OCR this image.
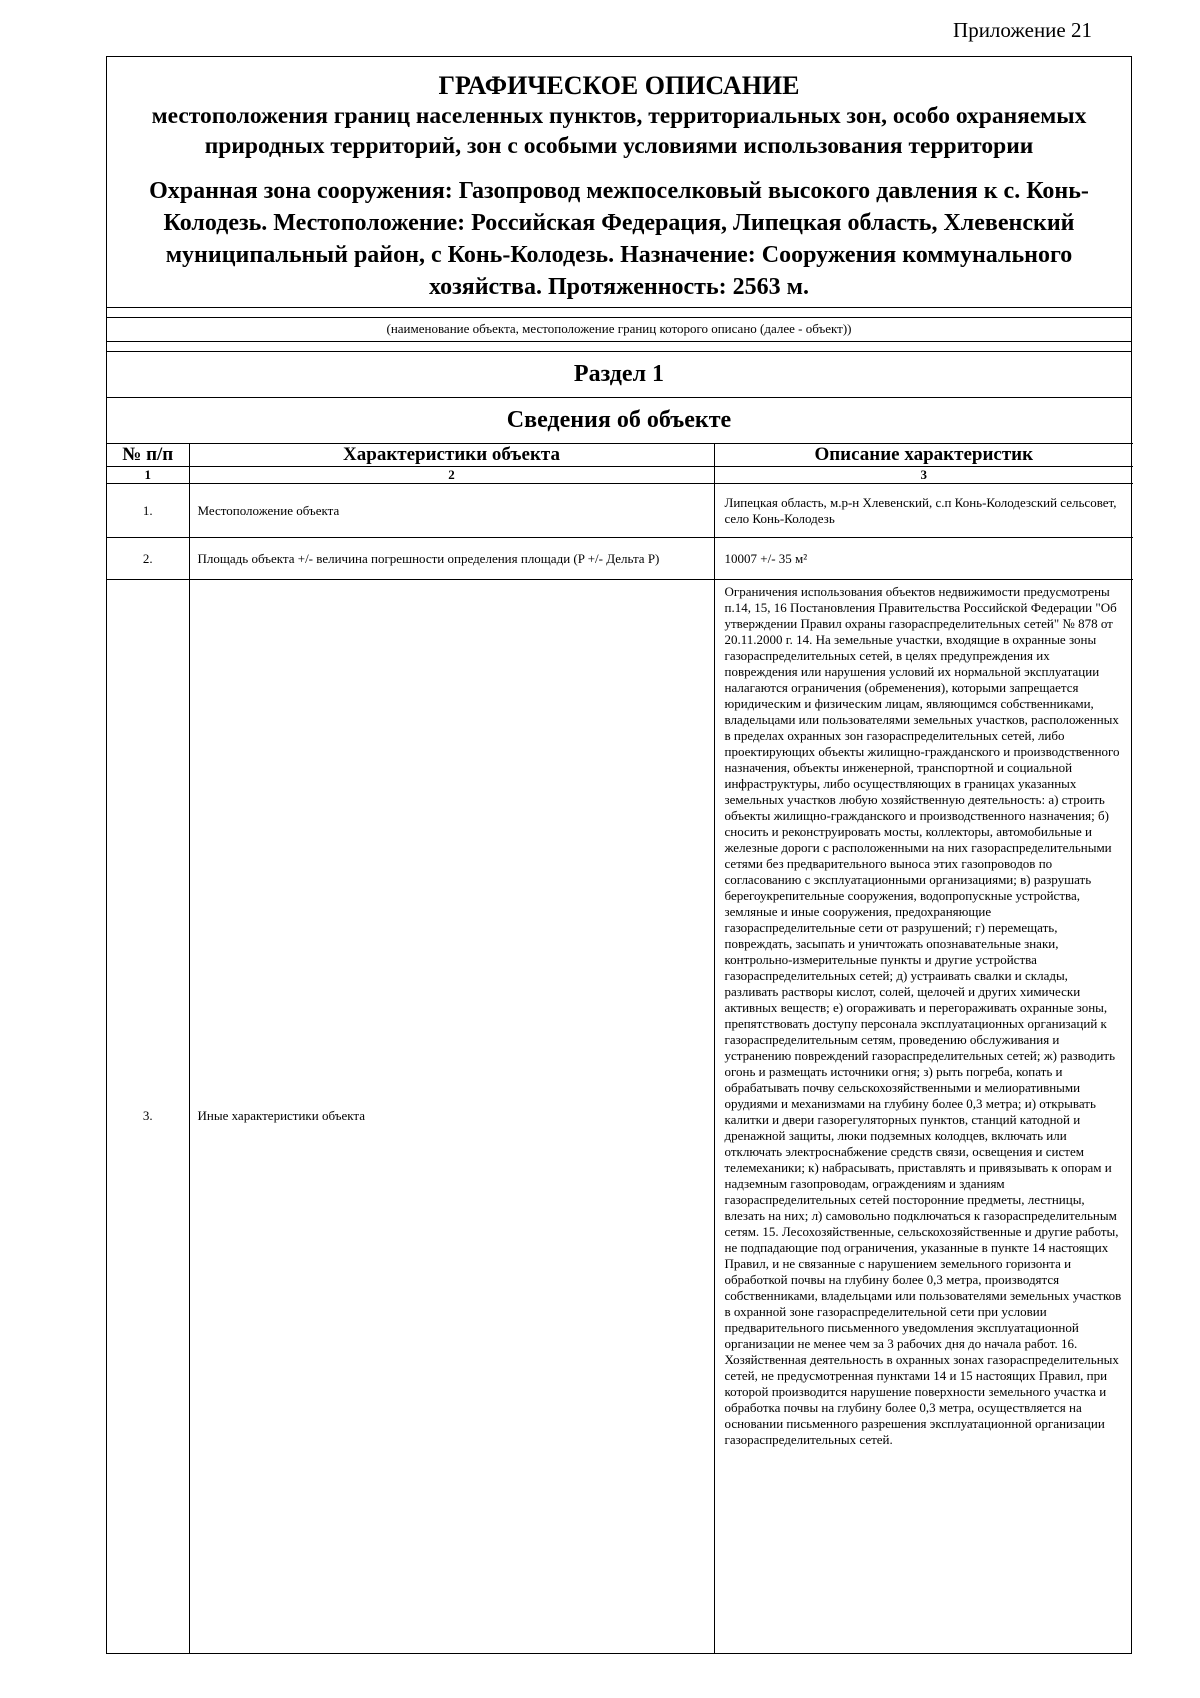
Приложение 21
ГРАФИЧЕСКОЕ ОПИСАНИЕ
местоположения границ населенных пунктов, территориальных зон, особо охраняемых природных территорий, зон с особыми условиями использования территории
Охранная зона сооружения: Газопровод межпоселковый высокого давления к с. Конь-Колодезь. Местоположение: Российская Федерация, Липецкая область, Хлевенский муниципальный район, с Конь-Колодезь. Назначение: Сооружения коммунального хозяйства. Протяженность: 2563 м.
(наименование объекта, местоположение границ которого описано (далее - объект))
Раздел 1
Сведения об объекте
№ п/п	Характеристики объекта	Описание характеристик
1	2	3
1.	Местоположение объекта	Липецкая область, м.р-н Хлевенский, с.п Конь-Колодезский сельсовет, село Конь-Колодезь
2.	Площадь объекта +/- величина погрешности определения площади (P +/- Дельта P)	10007 +/- 35 м²
3.	Иные характеристики объекта	Ограничения использования объектов недвижимости предусмотрены п.14, 15, 16 Постановления Правительства Российской Федерации "Об утверждении Правил охраны газораспределительных сетей" № 878 от 20.11.2000 г. 14. На земельные участки, входящие в охранные зоны газораспределительных сетей, в целях предупреждения их повреждения или нарушения условий их нормальной эксплуатации налагаются ограничения (обременения), которыми запрещается юридическим и физическим лицам, являющимся собственниками, владельцами или пользователями земельных участков, расположенных в пределах охранных зон газораспределительных сетей, либо проектирующих объекты жилищно-гражданского и производственного назначения, объекты инженерной, транспортной и социальной инфраструктуры, либо осуществляющих в границах указанных земельных участков любую хозяйственную деятельность: а) строить объекты жилищно-гражданского и производственного назначения; б) сносить и реконструировать мосты, коллекторы, автомобильные и железные дороги с расположенными на них газораспределительными сетями без предварительного выноса этих газопроводов по согласованию с эксплуатационными организациями; в) разрушать берегоукрепительные сооружения, водопропускные устройства, земляные и иные сооружения, предохраняющие газораспределительные сети от разрушений; г) перемещать, повреждать, засыпать и уничтожать опознавательные знаки, контрольно-измерительные пункты и другие устройства газораспределительных сетей; д) устраивать свалки и склады, разливать растворы кислот, солей, щелочей и других химически активных веществ; е) огораживать и перегораживать охранные зоны, препятствовать доступу персонала эксплуатационных организаций к газораспределительным сетям, проведению обслуживания и устранению повреждений газораспределительных сетей; ж) разводить огонь и размещать источники огня; з) рыть погреба, копать и обрабатывать почву сельскохозяйственными и мелиоративными орудиями и механизмами на глубину более 0,3 метра; и) открывать калитки и двери газорегуляторных пунктов, станций катодной и дренажной защиты, люки подземных колодцев, включать или отключать электроснабжение средств связи, освещения и систем телемеханики; к) набрасывать, приставлять и привязывать к опорам и надземным газопроводам, ограждениям и зданиям газораспределительных сетей посторонние предметы, лестницы, влезать на них; л) самовольно подключаться к газораспределительным сетям. 15. Лесохозяйственные, сельскохозяйственные и другие работы, не подпадающие под ограничения, указанные в пункте 14 настоящих Правил, и не связанные с нарушением земельного горизонта и обработкой почвы на глубину более 0,3 метра, производятся собственниками, владельцами или пользователями земельных участков в охранной зоне газораспределительной сети при условии предварительного письменного уведомления эксплуатационной организации не менее чем за 3 рабочих дня до начала работ. 16. Хозяйственная деятельность в охранных зонах газораспределительных сетей, не предусмотренная пунктами 14 и 15 настоящих Правил, при которой производится нарушение поверхности земельного участка и обработка почвы на глубину более 0,3 метра, осуществляется на основании письменного разрешения эксплуатационной организации газораспределительных сетей.
